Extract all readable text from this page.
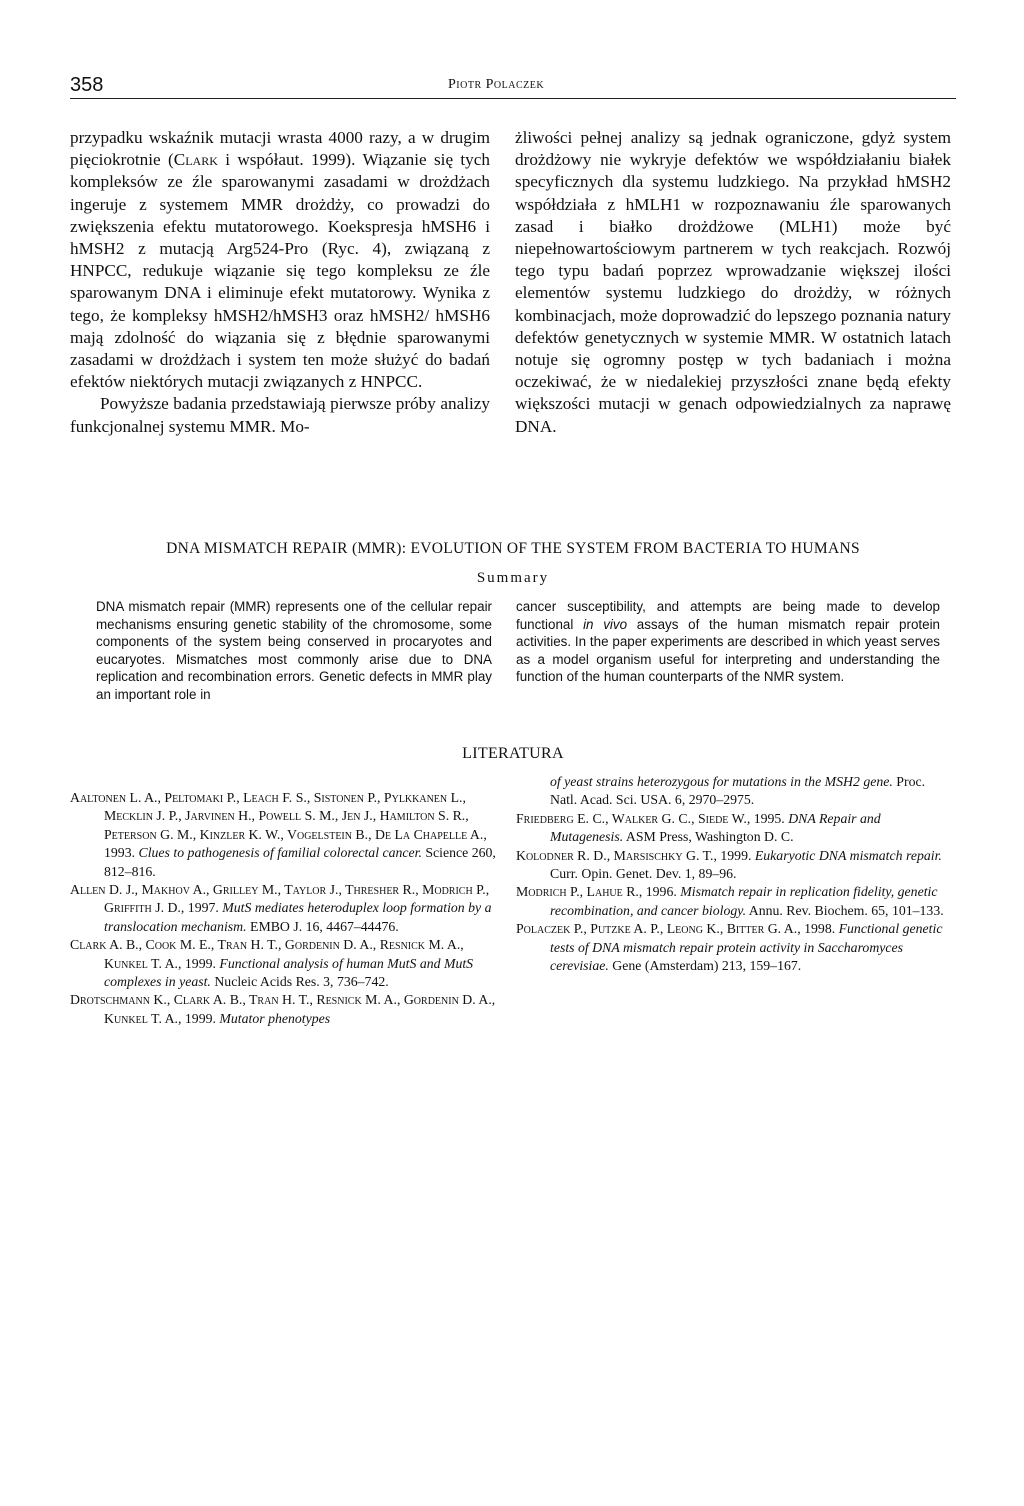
358	Piotr Polaczek

przypadku wskaźnik mutacji wrasta 4000 razy, a w drugim pięciokrotnie (Clark i współaut. 1999). Wiązanie się tych kompleksów ze źle sparowanymi zasadami w drożdżach ingeruje z systemem MMR drożdży, co prowadzi do zwiększenia efektu mutatorowego. Koekspresja hMSH6 i hMSH2 z mutacją Arg524-Pro (Ryc. 4), związaną z HNPCC, redukuje wiązanie się tego kompleksu ze źle sparowanym DNA i eliminuje efekt mutatorowy. Wynika z tego, że kompleksy hMSH2/hMSH3 oraz hMSH2/ hMSH6 mają zdolność do wiązania się z błędnie sparowanymi zasadami w drożdżach i system ten może służyć do badań efektów niektórych mutacji związanych z HNPCC.

Powyższe badania przedstawiają pierwsze próby analizy funkcjonalnej systemu MMR. Mo-

żliwości pełnej analizy są jednak ograniczone, gdyż system drożdżowy nie wykryje defektów we współdziałaniu białek specyficznych dla systemu ludzkiego. Na przykład hMSH2 współdziała z hMLH1 w rozpoznawaniu źle sparowanych zasad i białko drożdżowe (MLH1) może być niepełnowartościowym partnerem w tych reakcjach. Rozwój tego typu badań poprzez wprowadzanie większej ilości elementów systemu ludzkiego do drożdży, w różnych kombinacjach, może doprowadzić do lepszego poznania natury defektów genetycznych w systemie MMR. W ostatnich latach notuje się ogromny postęp w tych badaniach i można oczekiwać, że w niedalekiej przyszłości znane będą efekty większości mutacji w genach odpowiedzialnych za naprawę DNA.

DNA MISMATCH REPAIR (MMR): EVOLUTION OF THE SYSTEM FROM BACTERIA TO HUMANS
Summary

DNA mismatch repair (MMR) represents one of the cellular repair mechanisms ensuring genetic stability of the chromosome, some components of the system being conserved in procaryotes and eucaryotes. Mismatches most commonly arise due to DNA replication and recombination errors. Genetic defects in MMR play an important role in

cancer susceptibility, and attempts are being made to develop functional in vivo assays of the human mismatch repair protein activities. In the paper experiments are described in which yeast serves as a model organism useful for interpreting and understanding the function of the human counterparts of the NMR system.

LITERATURA

Aaltonen L. A., Peltomaki P., Leach F. S., Sistonen P., Pylkkanen L., Mecklin J. P., Jarvinen H., Powell S. M., Jen J., Hamilton S. R., Peterson G. M., Kinzler K. W., Vogelstein B., De La Chapelle A., 1993. Clues to pathogenesis of familial colorectal cancer. Science 260, 812–816.

Allen D. J., Makhov A., Grilley M., Taylor J., Thresher R., Modrich P., Griffith J. D., 1997. MutS mediates heteroduplex loop formation by a translocation mechanism. EMBO J. 16, 4467–44476.

Clark A. B., Cook M. E., Tran H. T., Gordenin D. A., Resnick M. A., Kunkel T. A., 1999. Functional analysis of human MutS and MutS complexes in yeast. Nucleic Acids Res. 3, 736–742.

Drotschmann K., Clark A. B., Tran H. T., Resnick M. A., Gordenin D. A., Kunkel T. A., 1999. Mutator phenotypes

of yeast strains heterozygous for mutations in the MSH2 gene. Proc. Natl. Acad. Sci. USA. 6, 2970–2975.

Friedberg E. C., Walker G. C., Siede W., 1995. DNA Repair and Mutagenesis. ASM Press, Washington D. C.

Kolodner R. D., Marsischky G. T., 1999. Eukaryotic DNA mismatch repair. Curr. Opin. Genet. Dev. 1, 89–96.

Modrich P., Lahue R., 1996. Mismatch repair in replication fidelity, genetic recombination, and cancer biology. Annu. Rev. Biochem. 65, 101–133.

Polaczek P., Putzke A. P., Leong K., Bitter G. A., 1998. Functional genetic tests of DNA mismatch repair protein activity in Saccharomyces cerevisiae. Gene (Amsterdam) 213, 159–167.
